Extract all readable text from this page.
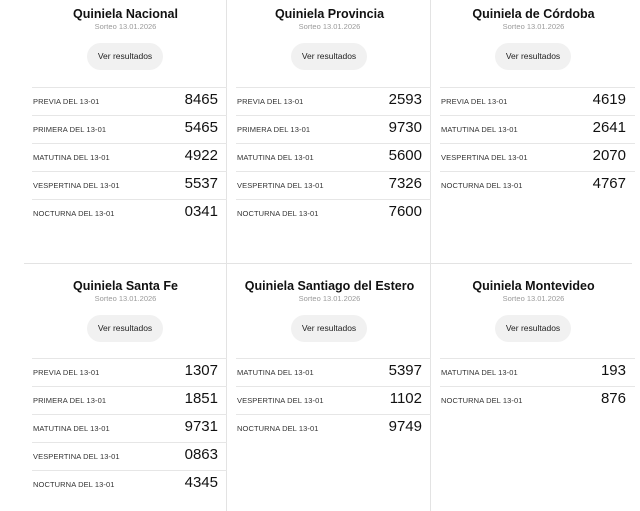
Quiniela Nacional
Sorteo 13.01.2026
Ver resultados
PREVIA DEL 13-01	8465
PRIMERA DEL 13-01	5465
MATUTINA DEL 13-01	4922
VESPERTINA DEL 13-01	5537
NOCTURNA DEL 13-01	0341
Quiniela Provincia
Sorteo 13.01.2026
Ver resultados
PREVIA DEL 13-01	2593
PRIMERA DEL 13-01	9730
MATUTINA DEL 13-01	5600
VESPERTINA DEL 13-01	7326
NOCTURNA DEL 13-01	7600
Quiniela de Córdoba
Sorteo 13.01.2026
Ver resultados
PREVIA DEL 13-01	4619
MATUTINA DEL 13-01	2641
VESPERTINA DEL 13-01	2070
NOCTURNA DEL 13-01	4767
Quiniela Santa Fe
Sorteo 13.01.2026
Ver resultados
PREVIA DEL 13-01	1307
PRIMERA DEL 13-01	1851
MATUTINA DEL 13-01	9731
VESPERTINA DEL 13-01	0863
NOCTURNA DEL 13-01	4345
Quiniela Santiago del Estero
Sorteo 13.01.2026
Ver resultados
MATUTINA DEL 13-01	5397
VESPERTINA DEL 13-01	1102
NOCTURNA DEL 13-01	9749
Quiniela Montevideo
Sorteo 13.01.2026
Ver resultados
MATUTINA DEL 13-01	193
NOCTURNA DEL 13-01	876
